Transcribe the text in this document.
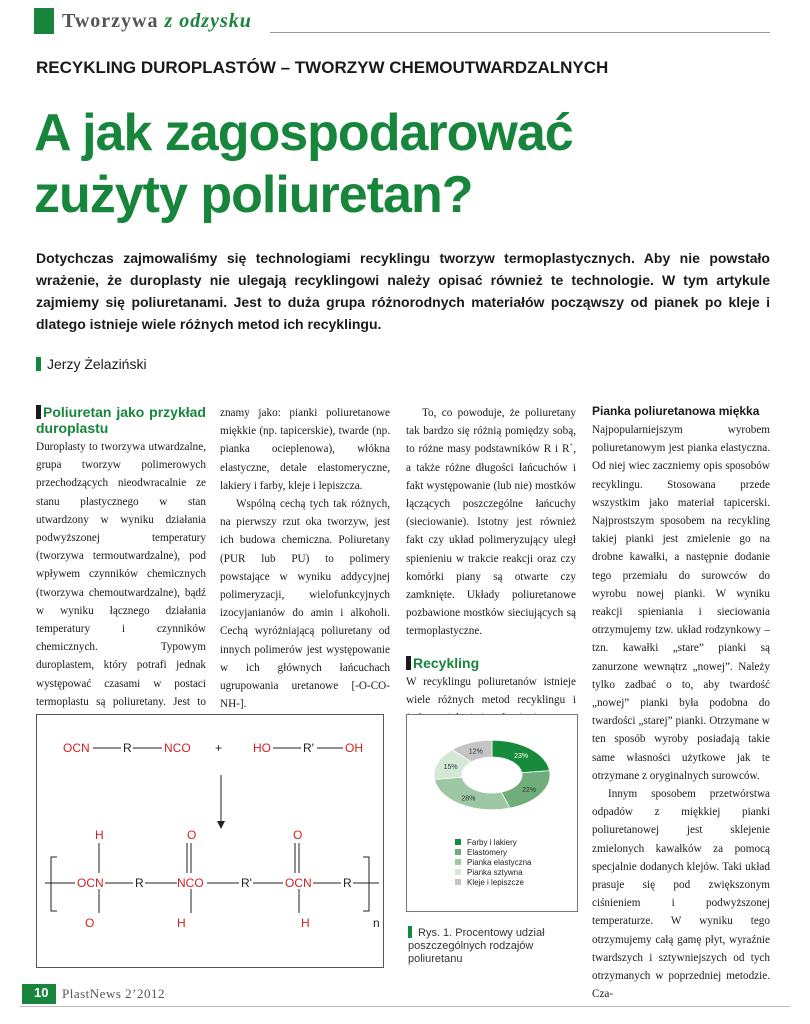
Tworzywa z odzysku
RECYKLING DUROPLASTÓW – TWORZYW CHEMOUTWARDZALNYCH
A jak zagospodarować
zużyty poliuretan?
Dotychczas zajmowaliśmy się technologiami recyklingu tworzyw termoplastycznych. Aby nie powstało wrażenie, że duroplasty nie ulegają recyklingowi należy opisać również te technologie. W tym artykule zajmiemy się poliuretanami. Jest to duża grupa różnorodnych materiałów począwszy od pianek po kleje i dlatego istnieje wiele różnych metod ich recyklingu.
Jerzy Żelaziński
Poliuretan jako przykład duroplastu

Duroplasty to tworzywa utwardzalne, grupa tworzyw polimerowych przechodzących nieodwracalnie ze stanu plastycznego w stan utwardzony w wyniku działania podwyższonej temperatury (tworzywa termoutwardzalne), pod wpływem czynników chemicznych (tworzywa chemoutwardzalne), bądź w wyniku łącznego działania temperatury i czynników chemicznych. Typowym duroplastem, który potrafi jednak występować czasami w postaci termoplastu są poliuretany. Jest to

znamy jako: pianki poliuretanowe miękkie (np. tapicerskie), twarde (np. pianka ocieplenowa), włókna elastyczne, detale elastomeryczne, lakiery i farby, kleje i lepiszcza.

Wspólną cechą tych tak różnych, na pierwszy rzut oka tworzyw, jest ich budowa chemiczna. Poliuretany (PUR lub PU) to polimery powstające w wyniku addycyjnej polimeryzacji, wielofunkcyjnych izocyjanianów do amin i alkoholi. Cechą wyróżniającą poliuretany od innych polimerów jest występowanie w ich głównych łańcuchach ugrupowania uretanowe [-O-CO-NH-].

To, co powoduje, że poliuretany tak bardzo się różnią pomiędzy sobą, to różne masy podstawników R i R`, a także różne długości łańcuchów i fakt występowanie (lub nie) mostków łączących poszczególne łańcuchy (sieciowanie). Istotny jest również fakt czy układ polimeryzujący uległ spienieniu w trakcie reakcji oraz czy komórki piany są otwarte czy zamknięte. Układy poliuretanowe pozbawione mostków sieciujących są termoplastyczne.

Recykling

W recyklingu poliuretanów istnieje wiele różnych metod recyklingu i

Pianka poliuretanowa miękka

Najpopularniejszym wyrobem poliuretanowym jest pianka elastyczna. Od niej wiec zaczniemy opis sposobów recyklingu. Stosowana przede wszystkim jako materiał tapicerski. Najprostszym sposobem na recykling takiej pianki jest zmielenie go na drobne kawałki, a następnie dodanie tego przemiału do surowców do wyrobu nowej pianki. W wyniku reakcji spieniania i sieciowania otrzymujemy tzw. układ rodzynkowy – tzn. kawałki „stare” pianki są zanurzone wewnątrz „nowej”. Należy tylko zadbać o to, aby twardość „nowej” pianki była podobna do twardości „starej” pianki. Otrzymane w ten sposób wyroby posiadają takie same własności użytkowe jak te otrzymane z oryginalnych surowców.

Innym sposobem przetwórstwa odpadów z miękkiej pianki poliuretanowej jest sklejenie zmielonych kawałków za pomocą specjalnie dodanych klejów. Taki układ prasuje się pod zwiększonym ciśnieniem i podwyższonej temperaturze. W wyniku tego otrzymujemy całą gamę płyt, wyraźnie twardszych i sztywniejszych od tych otrzymanych w poprzedniej metodzie. Cza-

OCN	NCO	HO	OH
R	+	R'
OCN	NCO	OCN
H	O	O
O	H	H
R	R'	R
n
23%
22%
28%
15%
12%
Farby i lakiery
Elastomery
Pianka elastyczna
Pianka sztywna
Kleje i lepiszcze
Rys. 1. Procentowy udział poszczególnych rodzajów poliuretanu
10 PlastNews 2’2012
